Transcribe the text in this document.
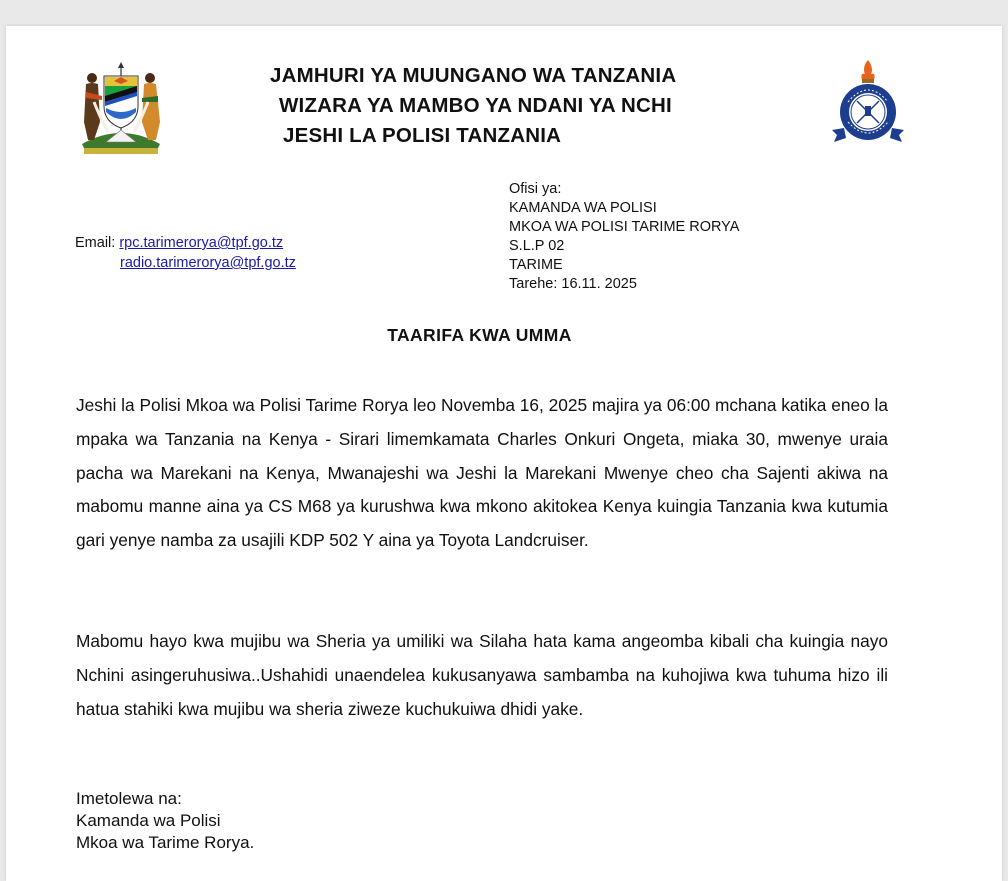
JAMHURI YA MUUNGANO WA TANZANIA
WIZARA YA MAMBO YA NDANI YA NCHI
JESHI LA POLISI TANZANIA
Ofisi ya:
KAMANDA WA POLISI
MKOA WA POLISI TARIME RORYA
S.L.P 02
TARIME
Tarehe: 16.11. 2025
Email: rpc.tarimerorya@tpf.go.tz
radio.tarimerorya@tpf.go.tz
TAARIFA KWA UMMA
Jeshi la Polisi Mkoa wa Polisi Tarime Rorya leo Novemba 16, 2025 majira ya 06:00 mchana katika eneo la mpaka wa Tanzania na Kenya - Sirari limemkamata Charles Onkuri Ongeta, miaka 30, mwenye uraia pacha wa Marekani na Kenya, Mwanajeshi wa Jeshi la Marekani Mwenye cheo cha Sajenti akiwa na mabomu manne aina ya CS M68 ya kurushwa kwa mkono akitokea Kenya kuingia Tanzania kwa kutumia gari yenye namba za usajili KDP 502 Y aina ya Toyota Landcruiser.
Mabomu hayo kwa mujibu wa Sheria ya umiliki wa Silaha hata kama angeomba kibali cha kuingia nayo Nchini asingeruhusiwa..Ushahidi unaendelea kukusanyawa sambamba na kuhojiwa kwa tuhuma hizo ili hatua stahiki kwa mujibu wa sheria ziweze kuchukuiwa dhidi yake.
Imetolewa na:
Kamanda wa Polisi
Mkoa wa Tarime Rorya.
